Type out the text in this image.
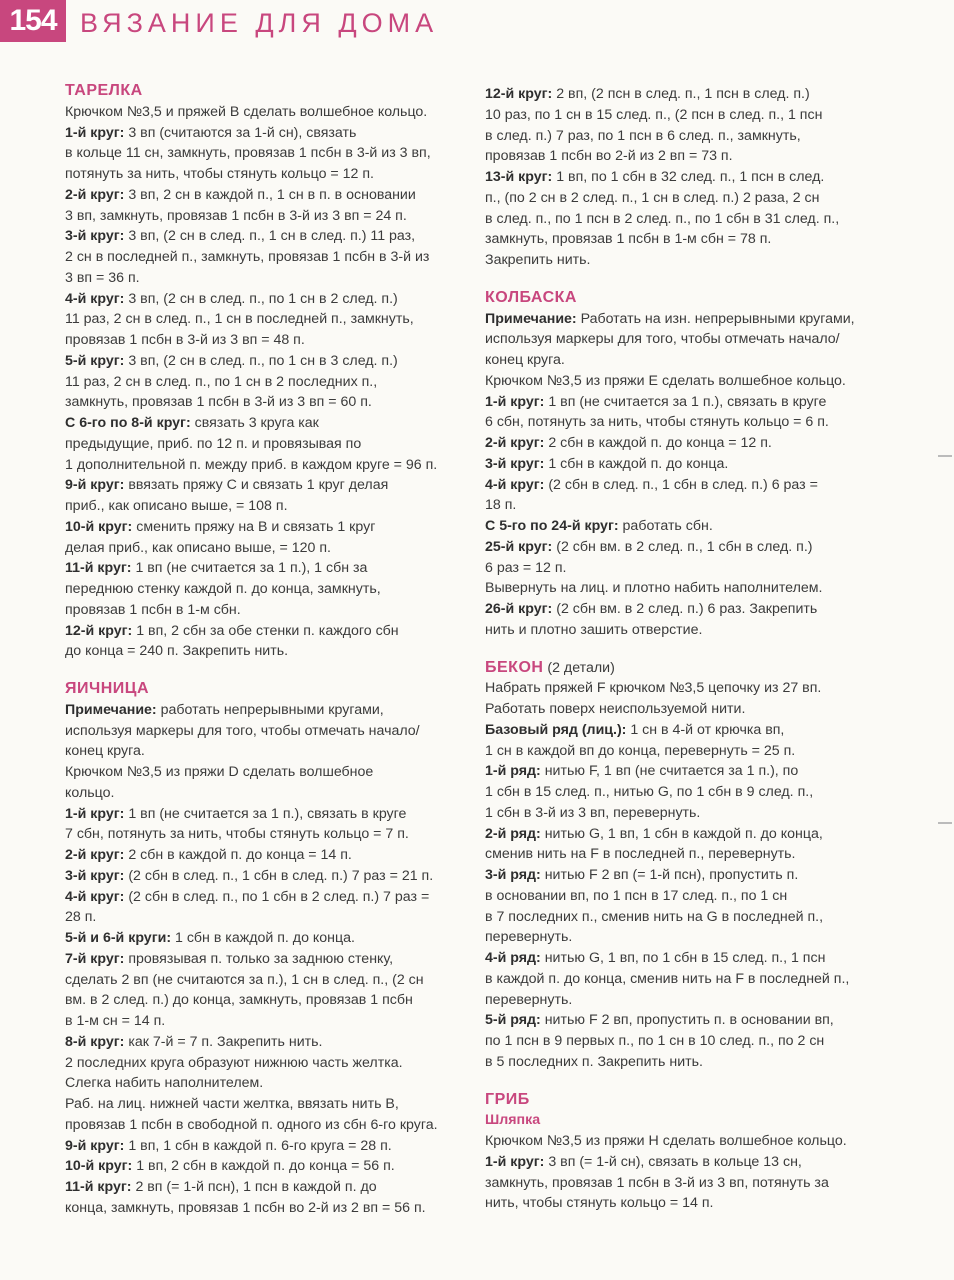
154 ВЯЗАНИЕ ДЛЯ ДОМА
ТАРЕЛКА
Крючком №3,5 и пряжей В сделать волшебное кольцо.
1-й круг: 3 вп (считаются за 1-й сн), связать
в кольце 11 сн, замкнуть, провязав 1 псбн в 3-й из 3 вп,
потянуть за нить, чтобы стянуть кольцо = 12 п.
2-й круг: 3 вп, 2 сн в каждой п., 1 сн в п. в основании
3 вп, замкнуть, провязав 1 псбн в 3-й из 3 вп = 24 п.
3-й круг: 3 вп, (2 сн в след. п., 1 сн в след. п.) 11 раз,
2 сн в последней п., замкнуть, провязав 1 псбн в 3-й из
3 вп = 36 п.
4-й круг: 3 вп, (2 сн в след. п., по 1 сн в 2 след. п.)
11 раз, 2 сн в след. п., 1 сн в последней п., замкнуть,
провязав 1 псбн в 3-й из 3 вп = 48 п.
5-й круг: 3 вп, (2 сн в след. п., по 1 сн в 3 след. п.)
11 раз, 2 сн в след. п., по 1 сн в 2 последних п.,
замкнуть, провязав 1 псбн в 3-й из 3 вп = 60 п.
С 6-го по 8-й круг: связать 3 круга как
предыдущие, приб. по 12 п. и провязывая по
1 дополнительной п. между приб. в каждом круге = 96 п.
9-й круг: ввязать пряжу С и связать 1 круг делая
приб., как описано выше, = 108 п.
10-й круг: сменить пряжу на В и связать 1 круг
делая приб., как описано выше, = 120 п.
11-й круг: 1 вп (не считается за 1 п.), 1 сбн за
переднюю стенку каждой п. до конца, замкнуть,
провязав 1 псбн в 1-м сбн.
12-й круг: 1 вп, 2 сбн за обе стенки п. каждого сбн
до конца = 240 п. Закрепить нить.
ЯИЧНИЦА
Примечание: работать непрерывными кругами,
используя маркеры для того, чтобы отмечать начало/
конец круга.
Крючком №3,5 из пряжи D сделать волшебное
кольцо.
1-й круг: 1 вп (не считается за 1 п.), связать в круге
7 сбн, потянуть за нить, чтобы стянуть кольцо = 7 п.
2-й круг: 2 сбн в каждой п. до конца = 14 п.
3-й круг: (2 сбн в след. п., 1 сбн в след. п.) 7 раз = 21 п.
4-й круг: (2 сбн в след. п., по 1 сбн в 2 след. п.) 7 раз =
28 п.
5-й и 6-й круги: 1 сбн в каждой п. до конца.
7-й круг: провязывая п. только за заднюю стенку,
сделать 2 вп (не считаются за п.), 1 сн в след. п., (2 сн
вм. в 2 след. п.) до конца, замкнуть, провязав 1 псбн
в 1-м сн = 14 п.
8-й круг: как 7-й = 7 п. Закрепить нить.
2 последних круга образуют нижнюю часть желтка.
Слегка набить наполнителем.
Раб. на лиц. нижней части желтка, ввязать нить В,
провязав 1 псбн в свободной п. одного из сбн 6-го круга.
9-й круг: 1 вп, 1 сбн в каждой п. 6-го круга = 28 п.
10-й круг: 1 вп, 2 сбн в каждой п. до конца = 56 п.
11-й круг: 2 вп (= 1-й псн), 1 псн в каждой п. до
конца, замкнуть, провязав 1 псбн во 2-й из 2 вп = 56 п.
12-й круг: 2 вп, (2 псн в след. п., 1 псн в след. п.)
10 раз, по 1 сн в 15 след. п., (2 псн в след. п., 1 псн
в след. п.) 7 раз, по 1 псн в 6 след. п., замкнуть,
провязав 1 псбн во 2-й из 2 вп = 73 п.
13-й круг: 1 вп, по 1 сбн в 32 след. п., 1 псн в след.
п., (по 2 сн в 2 след. п., 1 сн в след. п.) 2 раза, 2 сн
в след. п., по 1 псн в 2 след. п., по 1 сбн в 31 след. п.,
замкнуть, провязав 1 псбн в 1-м сбн = 78 п.
Закрепить нить.
КОЛБАСКА
Примечание: Работать на изн. непрерывными кругами,
используя маркеры для того, чтобы отмечать начало/
конец круга.
Крючком №3,5 из пряжи Е сделать волшебное кольцо.
1-й круг: 1 вп (не считается за 1 п.), связать в круге
6 сбн, потянуть за нить, чтобы стянуть кольцо = 6 п.
2-й круг: 2 сбн в каждой п. до конца = 12 п.
3-й круг: 1 сбн в каждой п. до конца.
4-й круг: (2 сбн в след. п., 1 сбн в след. п.) 6 раз =
18 п.
С 5-го по 24-й круг: работать сбн.
25-й круг: (2 сбн вм. в 2 след. п., 1 сбн в след. п.)
6 раз = 12 п.
Вывернуть на лиц. и плотно набить наполнителем.
26-й круг: (2 сбн вм. в 2 след. п.) 6 раз. Закрепить
нить и плотно зашить отверстие.
БЕКОН (2 детали)
Набрать пряжей F крючком №3,5 цепочку из 27 вп.
Работать поверх неиспользуемой нити.
Базовый ряд (лиц.): 1 сн в 4-й от крючка вп,
1 сн в каждой вп до конца, перевернуть = 25 п.
1-й ряд: нитью F, 1 вп (не считается за 1 п.), по
1 сбн в 15 след. п., нитью G, по 1 сбн в 9 след. п.,
1 сбн в 3-й из 3 вп, перевернуть.
2-й ряд: нитью G, 1 вп, 1 сбн в каждой п. до конца,
сменив нить на F в последней п., перевернуть.
3-й ряд: нитью F 2 вп (= 1-й псн), пропустить п.
в основании вп, по 1 псн в 17 след. п., по 1 сн
в 7 последних п., сменив нить на G в последней п.,
перевернуть.
4-й ряд: нитью G, 1 вп, по 1 сбн в 15 след. п., 1 псн
в каждой п. до конца, сменив нить на F в последней п.,
перевернуть.
5-й ряд: нитью F 2 вп, пропустить п. в основании вп,
по 1 псн в 9 первых п., по 1 сн в 10 след. п., по 2 сн
в 5 последних п. Закрепить нить.
ГРИБ
Шляпка
Крючком №3,5 из пряжи Н сделать волшебное кольцо.
1-й круг: 3 вп (= 1-й сн), связать в кольце 13 сн,
замкнуть, провязав 1 псбн в 3-й из 3 вп, потянуть за
нить, чтобы стянуть кольцо = 14 п.
